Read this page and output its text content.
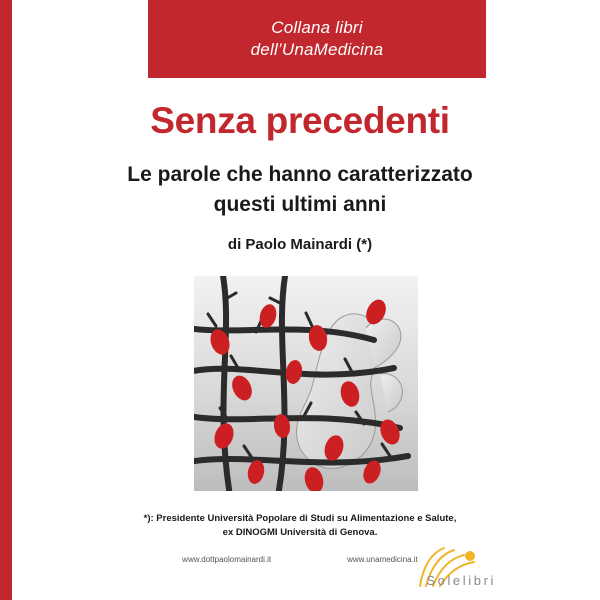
Collana libri
dell’UnaMedicina
Senza precedenti
Le parole che hanno caratterizzato
questi ultimi anni
di Paolo Mainardi (*)
*): Presidente Università Popolare di Studi su Alimentazione e Salute,
ex DINOGMI Università di Genova.
www.dottpaolomainardi.it	www.unamedicina.it
Solelibri
